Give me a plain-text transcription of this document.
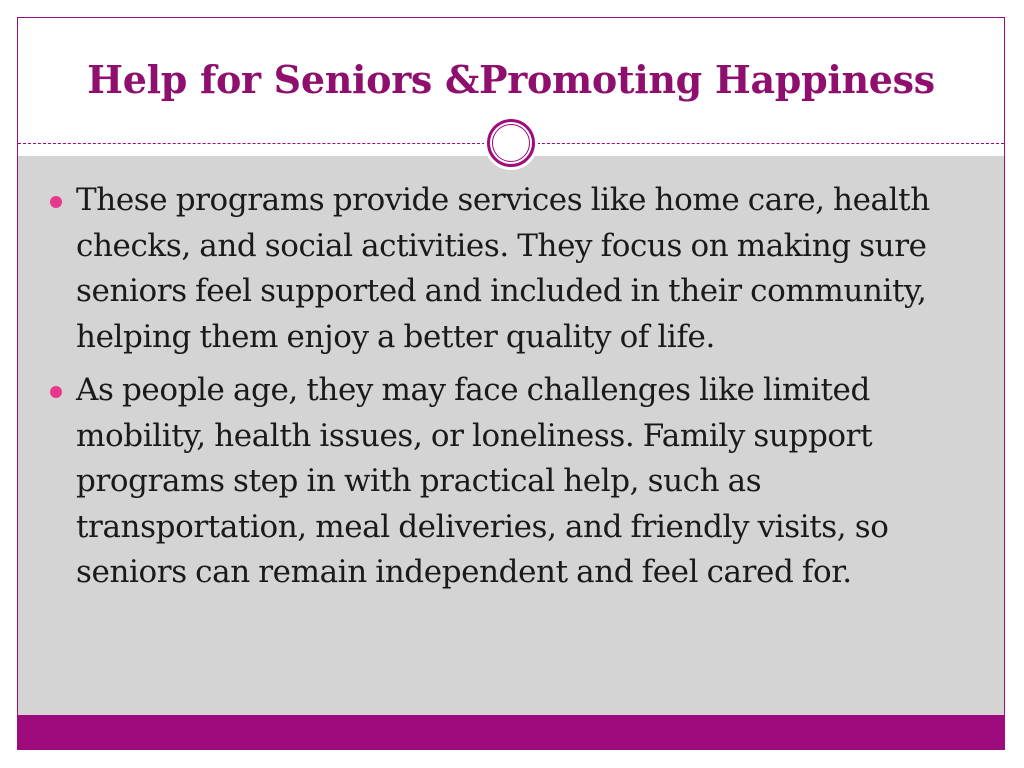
Help for Seniors &Promoting Happiness
These programs provide services like home care, health checks, and social activities. They focus on making sure seniors feel supported and included in their community, helping them enjoy a better quality of life.
As people age, they may face challenges like limited mobility, health issues, or loneliness. Family support programs step in with practical help, such as transportation, meal deliveries, and friendly visits, so seniors can remain independent and feel cared for.
